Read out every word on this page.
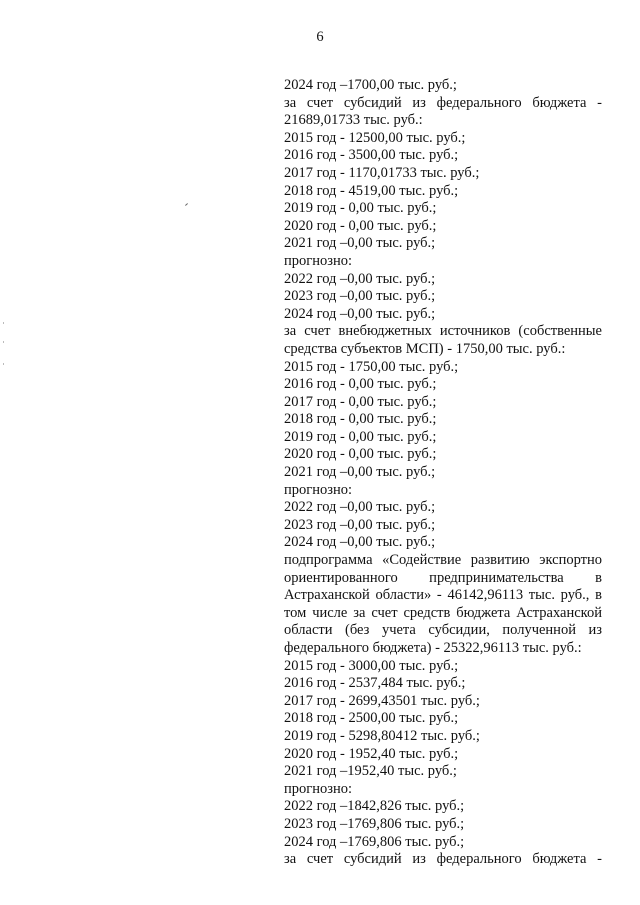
6
2024 год –1700,00 тыс. руб.;
за счет субсидий из федерального бюджета -
21689,01733 тыс. руб.:
2015 год - 12500,00 тыс. руб.;
2016 год - 3500,00 тыс. руб.;
2017 год - 1170,01733 тыс. руб.;
2018 год - 4519,00 тыс. руб.;
2019 год - 0,00 тыс. руб.;
2020 год - 0,00 тыс. руб.;
2021 год –0,00 тыс. руб.;
прогнозно:
2022 год –0,00 тыс. руб.;
2023 год –0,00 тыс. руб.;
2024 год –0,00 тыс. руб.;
за счет внебюджетных источников (собственные
средства субъектов МСП) - 1750,00 тыс. руб.:
2015 год - 1750,00 тыс. руб.;
2016 год - 0,00 тыс. руб.;
2017 год - 0,00 тыс. руб.;
2018 год - 0,00 тыс. руб.;
2019 год - 0,00 тыс. руб.;
2020 год - 0,00 тыс. руб.;
2021 год –0,00 тыс. руб.;
прогнозно:
2022 год –0,00 тыс. руб.;
2023 год –0,00 тыс. руб.;
2024 год –0,00 тыс. руб.;
подпрограмма «Содействие развитию экспортно ориентированного предпринимательства в Астраханской области» - 46142,96113 тыс. руб., в том числе за счет средств бюджета Астраханской области (без учета субсидии, полученной из федерального бюджета) - 25322,96113 тыс. руб.:
2015 год - 3000,00 тыс. руб.;
2016 год - 2537,484 тыс. руб.;
2017 год - 2699,43501 тыс. руб.;
2018 год - 2500,00 тыс. руб.;
2019 год - 5298,80412 тыс. руб.;
2020 год - 1952,40 тыс. руб.;
2021 год –1952,40 тыс. руб.;
прогнозно:
2022 год –1842,826 тыс. руб.;
2023 год –1769,806 тыс. руб.;
2024 год –1769,806 тыс. руб.;
за счет субсидий из федерального бюджета -
